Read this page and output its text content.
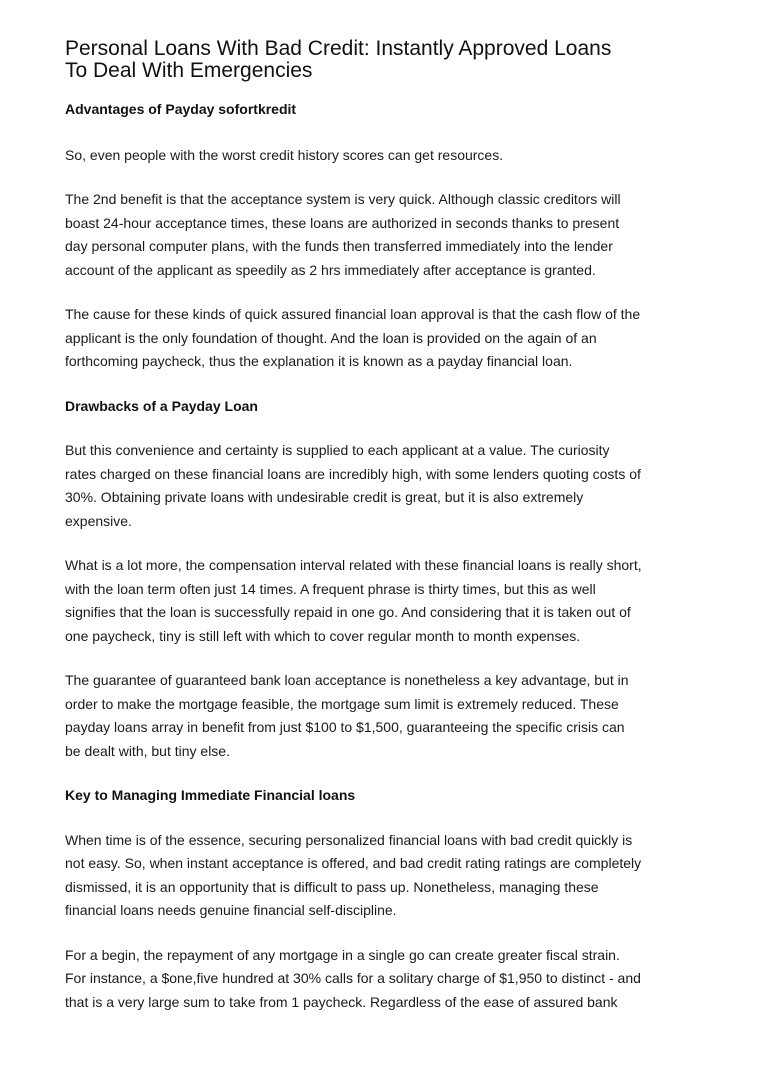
Personal Loans With Bad Credit: Instantly Approved Loans
To Deal With Emergencies
Advantages of Payday sofortkredit

So, even people with the worst credit history scores can get resources.

The 2nd benefit is that the acceptance system is very quick. Although classic creditors will
boast 24-hour acceptance times, these loans are authorized in seconds thanks to present
day personal computer plans, with the funds then transferred immediately into the lender
account of the applicant as speedily as 2 hrs immediately after acceptance is granted.

The cause for these kinds of quick assured financial loan approval is that the cash flow of the
applicant is the only foundation of thought. And the loan is provided on the again of an
forthcoming paycheck, thus the explanation it is known as a payday financial loan.

Drawbacks of a Payday Loan

But this convenience and certainty is supplied to each applicant at a value. The curiosity
rates charged on these financial loans are incredibly high, with some lenders quoting costs of
30%. Obtaining private loans with undesirable credit is great, but it is also extremely
expensive.

What is a lot more, the compensation interval related with these financial loans is really short,
with the loan term often just 14 times. A frequent phrase is thirty times, but this as well
signifies that the loan is successfully repaid in one go. And considering that it is taken out of
one paycheck, tiny is still left with which to cover regular month to month expenses.

The guarantee of guaranteed bank loan acceptance is nonetheless a key advantage, but in
order to make the mortgage feasible, the mortgage sum limit is extremely reduced. These
payday loans array in benefit from just $100 to $1,500, guaranteeing the specific crisis can
be dealt with, but tiny else.

Key to Managing Immediate Financial loans

When time is of the essence, securing personalized financial loans with bad credit quickly is
not easy. So, when instant acceptance is offered, and bad credit rating ratings are completely
dismissed, it is an opportunity that is difficult to pass up. Nonetheless, managing these
financial loans needs genuine financial self-discipline.

For a begin, the repayment of any mortgage in a single go can create greater fiscal strain.
For instance, a $one,five hundred at 30% calls for a solitary charge of $1,950 to distinct - and
that is a very large sum to take from 1 paycheck. Regardless of the ease of assured bank
